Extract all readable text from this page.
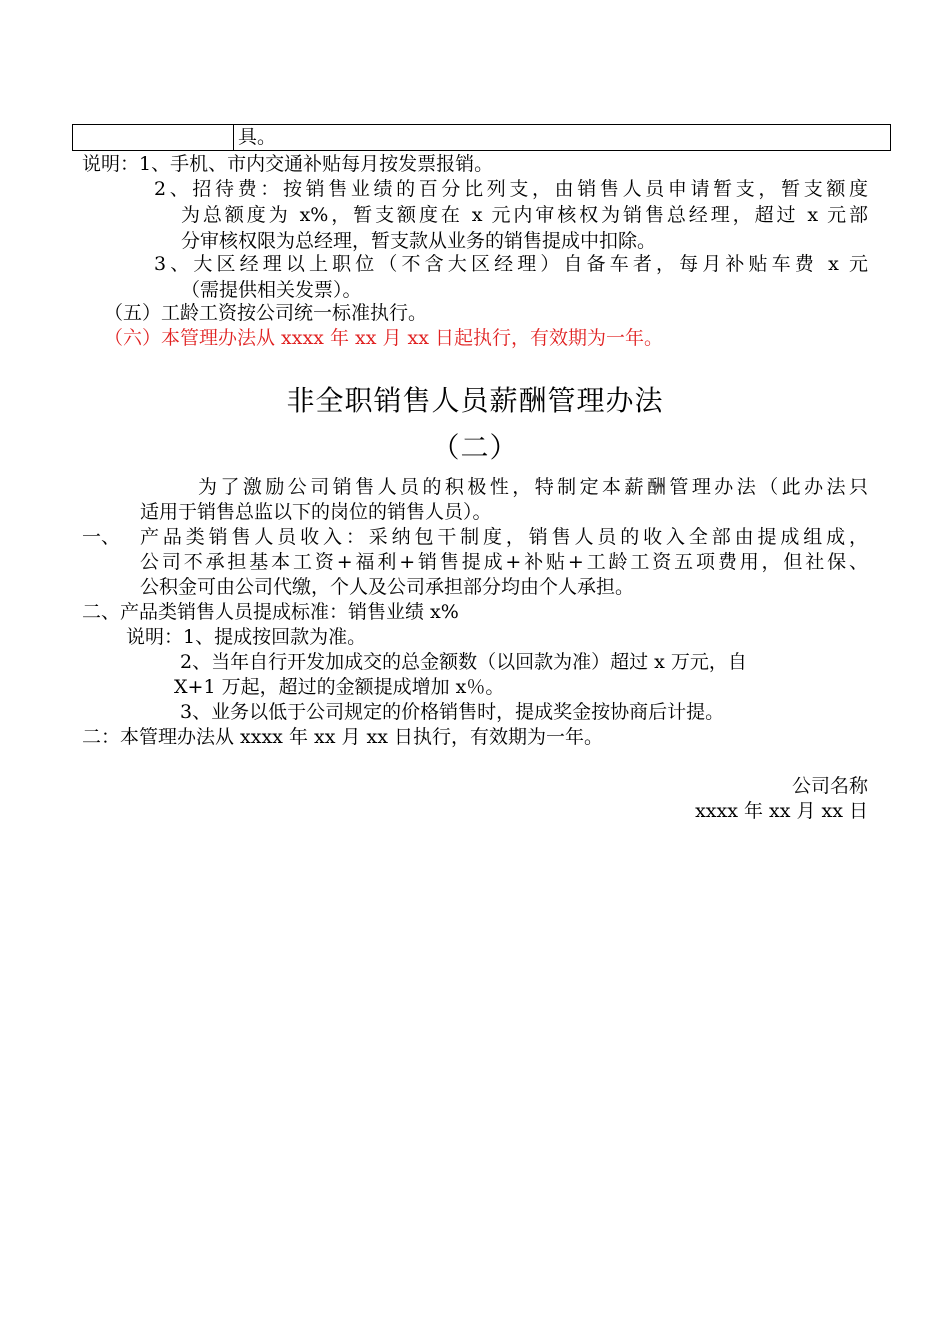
	具。
说明：1、手机、市内交通补贴每月按发票报销。
2、招待费：按销售业绩的百分比列支，由销售人员申请暂支，暂支额度
为总额度为 x%，暂支额度在 x 元内审核权为销售总经理，超过 x 元部
分审核权限为总经理，暂支款从业务的销售提成中扣除。
3、大区经理以上职位（不含大区经理）自备车者，每月补贴车费 x 元
（需提供相关发票）。
（五）工龄工资按公司统一标准执行。
（六）本管理办法从 xxxx 年 xx 月 xx 日起执行，有效期为一年。
非全职销售人员薪酬管理办法
（二）
为了激励公司销售人员的积极性，特制定本薪酬管理办法（此办法只
适用于销售总监以下的岗位的销售人员）。
一、 产品类销售人员收入：采纳包干制度，销售人员的收入全部由提成组成，
公司不承担基本工资+福利+销售提成+补贴+工龄工资五项费用，但社保、
公积金可由公司代缴，个人及公司承担部分均由个人承担。
二、产品类销售人员提成标准：销售业绩 x%
说明：1、提成按回款为准。
2、当年自行开发加成交的总金额数（以回款为准）超过 x 万元，自
X+1 万起，超过的金额提成增加 x％。
3、业务以低于公司规定的价格销售时，提成奖金按协商后计提。
二：本管理办法从 xxxx 年 xx 月 xx 日执行，有效期为一年。
公司名称
xxxx 年 xx 月 xx 日
